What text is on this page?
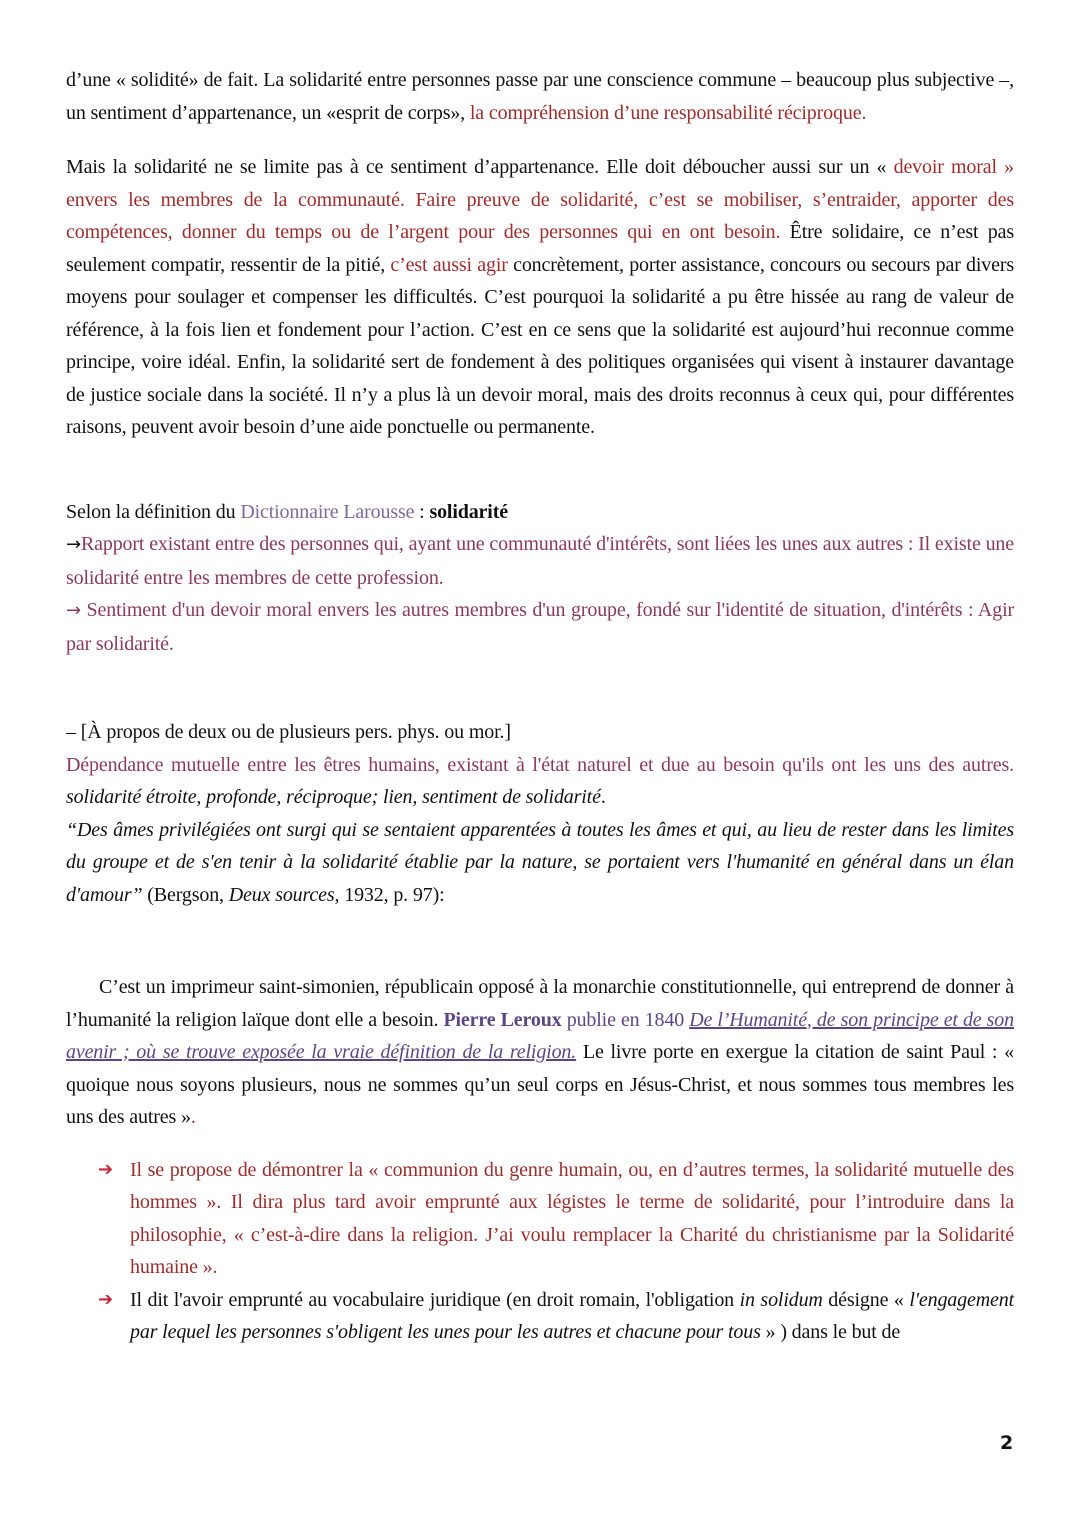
d’une « solidité» de fait. La solidarité entre personnes passe par une conscience commune – beaucoup plus subjective –, un sentiment d’appartenance, un «esprit de corps», la compréhension d’une responsabilité réciproque.

Mais la solidarité ne se limite pas à ce sentiment d’appartenance. Elle doit déboucher aussi sur un « devoir moral » envers les membres de la communauté. Faire preuve de solidarité, c’est se mobiliser, s’entraider, apporter des compétences, donner du temps ou de l’argent pour des personnes qui en ont besoin. Être solidaire, ce n’est pas seulement compatir, ressentir de la pitié, c’est aussi agir concrètement, porter assistance, concours ou secours par divers moyens pour soulager et compenser les difficultés. C’est pourquoi la solidarité a pu être hissée au rang de valeur de référence, à la fois lien et fondement pour l’action. C’est en ce sens que la solidarité est aujourd’hui reconnue comme principe, voire idéal. Enfin, la solidarité sert de fondement à des politiques organisées qui visent à instaurer davantage de justice sociale dans la société. Il n’y a plus là un devoir moral, mais des droits reconnus à ceux qui, pour différentes raisons, peuvent avoir besoin d’une aide ponctuelle ou permanente.

Selon la définition du Dictionnaire Larousse : solidarité

→Rapport existant entre des personnes qui, ayant une communauté d'intérêts, sont liées les unes aux autres : Il existe une solidarité entre les membres de cette profession.

→ Sentiment d'un devoir moral envers les autres membres d'un groupe, fondé sur l'identité de situation, d'intérêts : Agir par solidarité.

– [À propos de deux ou de plusieurs pers. phys. ou mor.]

Dépendance mutuelle entre les êtres humains, existant à l'état naturel et due au besoin qu'ils ont les uns des autres. solidarité étroite, profonde, réciproque; lien, sentiment de solidarité.

“Des âmes privilégiées ont surgi qui se sentaient apparentées à toutes les âmes et qui, au lieu de rester dans les limites du groupe et de s'en tenir à la solidarité établie par la nature, se portaient vers l'humanité en général dans un élan d'amour” (Bergson, Deux sources, 1932, p. 97):

C’est un imprimeur saint-simonien, républicain opposé à la monarchie constitutionnelle, qui entreprend de donner à l’humanité la religion laïque dont elle a besoin. Pierre Leroux publie en 1840 De l’Humanité, de son principe et de son avenir ; où se trouve exposée la vraie définition de la religion. Le livre porte en exergue la citation de saint Paul : « quoique nous soyons plusieurs, nous ne sommes qu’un seul corps en Jésus-Christ, et nous sommes tous membres les uns des autres ».

➔ Il se propose de démontrer la « communion du genre humain, ou, en d’autres termes, la solidarité mutuelle des hommes ». Il dira plus tard avoir emprunté aux légistes le terme de solidarité, pour l’introduire dans la philosophie, « c’est-à-dire dans la religion. J’ai voulu remplacer la Charité du christianisme par la Solidarité humaine ».

➔ Il dit l'avoir emprunté au vocabulaire juridique (en droit romain, l'obligation in solidum désigne « l'engagement par lequel les personnes s'obligent les unes pour les autres et chacune pour tous » ) dans le but de

2
